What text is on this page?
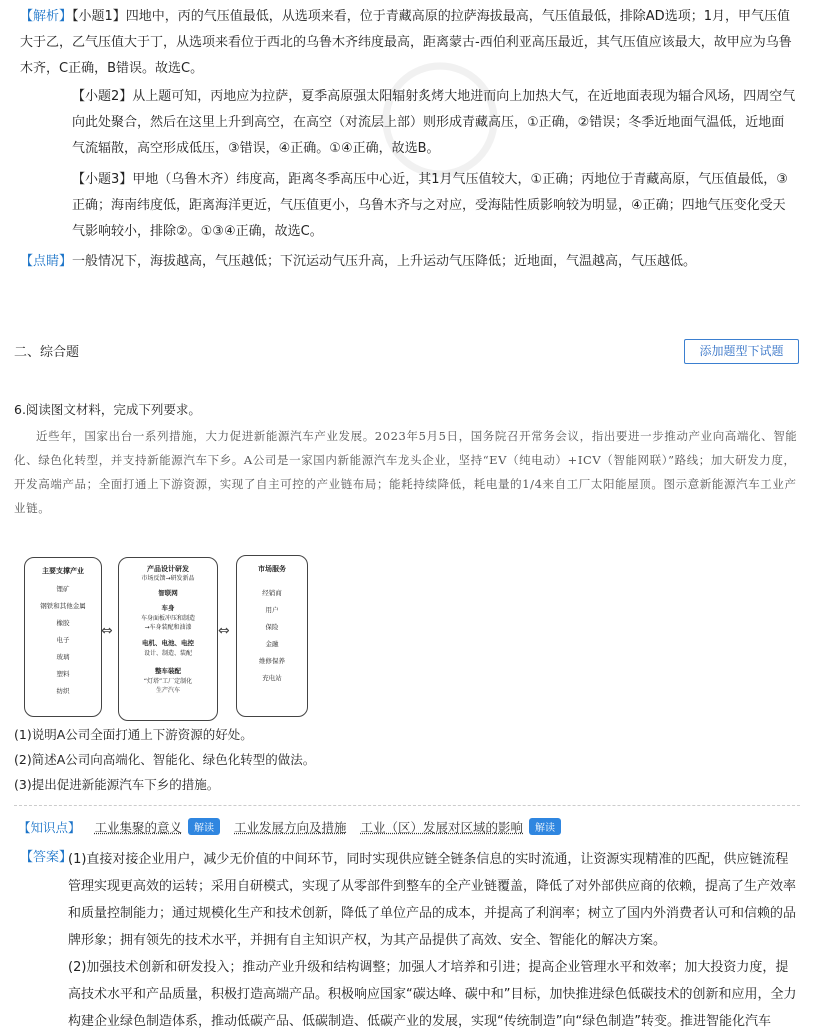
【解析】【小题1】四地中，丙的气压值最低，从选项来看，位于青藏高原的拉萨海拔最高，气压值最低，排除AD选项；1月，甲气压值大于乙，乙气压值大于丁，从选项来看位于西北的乌鲁木齐纬度最高，距离蒙古-西伯利亚高压最近，其气压值应该最大，故甲应为乌鲁木齐，C正确，B错误。故选C。
【小题2】从上题可知，丙地应为拉萨，夏季高原强太阳辐射炙烤大地进而向上加热大气，在近地面表现为辐合风场，四周空气向此处聚合，然后在这里上升到高空，在高空（对流层上部）则形成青藏高压，①正确，②错误；冬季近地面气温低，近地面气流辐散，高空形成低压，③错误，④正确。①④正确，故选B。
【小题3】甲地（乌鲁木齐）纬度高，距离冬季高压中心近，其1月气压值较大，①正确；丙地位于青藏高原，气压值最低，③正确；海南纬度低，距离海洋更近，气压值更小，乌鲁木齐与之对应，受海陆性质影响较为明显，④正确；四地气压变化受天气影响较小，排除②。①③④正确，故选C。
【点睛】一般情况下，海拔越高，气压越低；下沉运动气压升高，上升运动气压降低；近地面，气温越高，气压越低。
二、综合题	添加题型下试题
6.阅读图文材料，完成下列要求。
近些年，国家出台一系列措施，大力促进新能源汽车产业发展。2023年5月5日，国务院召开常务会议，指出要进一步推动产业向高端化、智能化、绿色化转型，并支持新能源汽车下乡。A公司是一家国内新能源汽车龙头企业，坚持“EV（纯电动）+ICV（智能网联）”路线；加大研发力度，开发高端产品；全面打通上下游资源，实现了自主可控的产业链布局；能耗持续降低，耗电量的1/4来自工厂太阳能屋顶。图示意新能源汽车工业产业链。
主要支撑产业
锂矿
钢铁和其他金属
橡胶
电子
玻璃
塑料
纺织
⇔
产品设计研发
市场反馈→研发新品
智联网
车身
车身面板冲压和制造
→车身装配和油漆
电机、电池、电控
设计、制造、装配
整车装配
“灯塔”工厂定制化
生产汽车
⇔
市场服务
经销商
用户
保险
金融
维修保养
充电站
(1)说明A公司全面打通上下游资源的好处。
(2)简述A公司向高端化、智能化、绿色化转型的做法。
(3)提出促进新能源汽车下乡的措施。
【知识点】 工业集聚的意义 解读 工业发展方向及措施 工业（区）发展对区域的影响 解读
【答案】

(1)直接对接企业用户，减少无价值的中间环节，同时实现供应链全链条信息的实时流通，让资源实现精准的匹配，供应链流程管理实现更高效的运转；采用自研模式，实现了从零部件到整车的全产业链覆盖，降低了对外部供应商的依赖，提高了生产效率和质量控制能力；通过规模化生产和技术创新，降低了单位产品的成本，并提高了利润率；树立了国内外消费者认可和信赖的品牌形象；拥有领先的技术水平，并拥有自主知识产权，为其产品提供了高效、安全、智能化的解决方案。

(2)加强技术创新和研发投入；推动产业升级和结构调整；加强人才培养和引进；提高企业管理水平和效率；加大投资力度，提高技术水平和产品质量，积极打造高端产品。积极响应国家“碳达峰、碳中和”目标，加快推进绿色低碳技术的创新和应用，全力构建企业绿色制造体系，推动低碳产品、低碳制造、低碳产业的发展，实现“传统制造”向“绿色制造”转变。推进智能化汽车
